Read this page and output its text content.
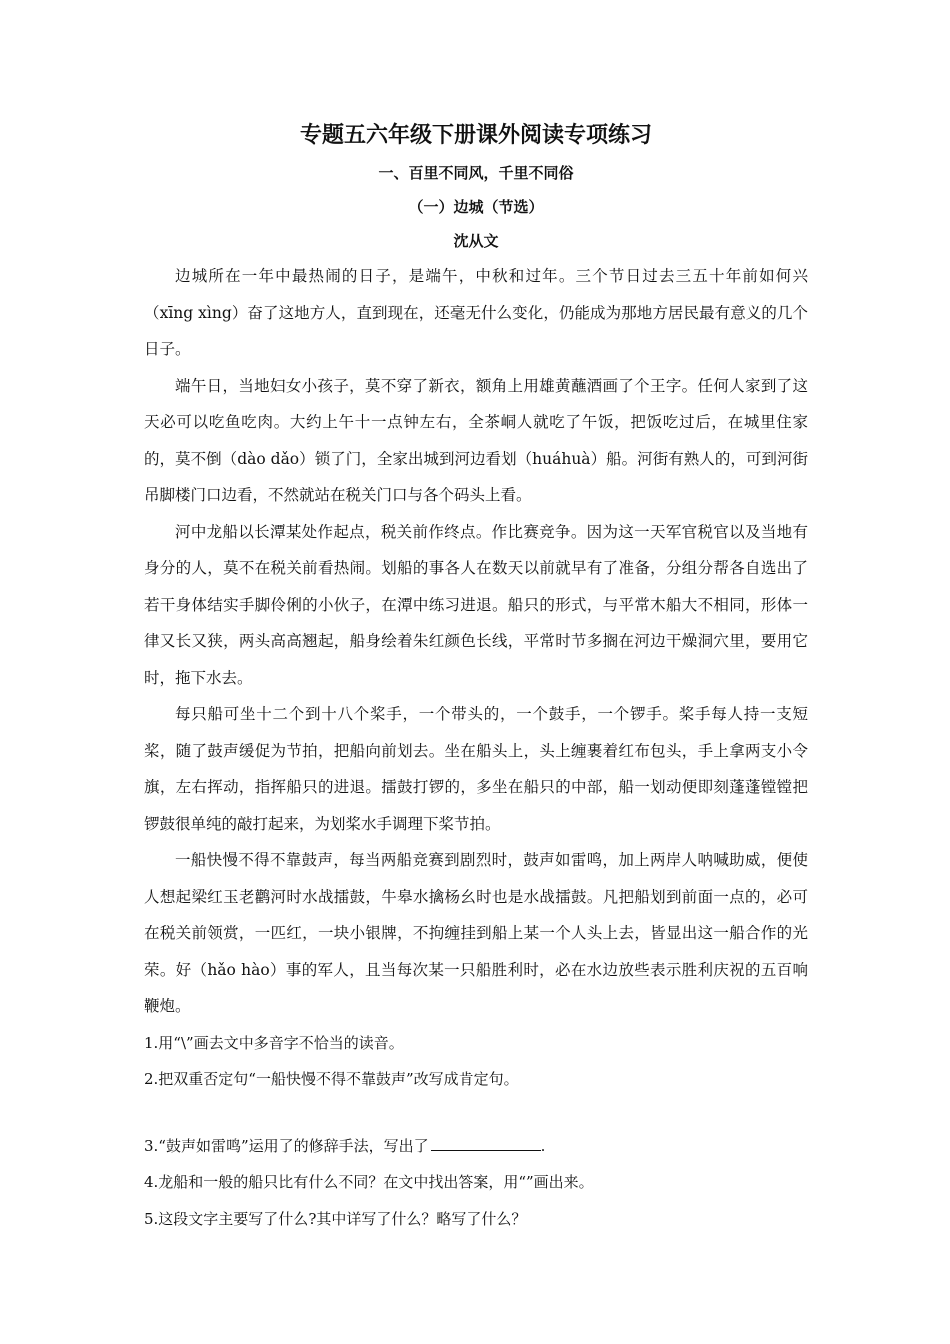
专题五六年级下册课外阅读专项练习
一、百里不同风，千里不同俗
（一）边城（节选）
沈从文

边城所在一年中最热闹的日子，是端午，中秋和过年。三个节日过去三五十年前如何兴（xīng xìng）奋了这地方人，直到现在，还毫无什么变化，仍能成为那地方居民最有意义的几个日子。

端午日，当地妇女小孩子，莫不穿了新衣，额角上用雄黄蘸酒画了个王字。任何人家到了这天必可以吃鱼吃肉。大约上午十一点钟左右，全茶峒人就吃了午饭，把饭吃过后，在城里住家的，莫不倒（dào dǎo）锁了门，全家出城到河边看划（huáhuà）船。河街有熟人的，可到河街吊脚楼门口边看，不然就站在税关门口与各个码头上看。

河中龙船以长潭某处作起点，税关前作终点。作比赛竞争。因为这一天军官税官以及当地有身分的人，莫不在税关前看热闹。划船的事各人在数天以前就早有了准备，分组分帮各自选出了若干身体结实手脚伶俐的小伙子，在潭中练习进退。船只的形式，与平常木船大不相同，形体一律又长又狭，两头高高翘起，船身绘着朱红颜色长线，平常时节多搁在河边干燥洞穴里，要用它时，拖下水去。

每只船可坐十二个到十八个桨手，一个带头的，一个鼓手，一个锣手。桨手每人持一支短桨，随了鼓声缓促为节拍，把船向前划去。坐在船头上，头上缠裹着红布包头，手上拿两支小令旗，左右挥动，指挥船只的进退。擂鼓打锣的，多坐在船只的中部，船一划动便即刻蓬蓬镗镗把锣鼓很单纯的敲打起来，为划桨水手调理下桨节拍。

一船快慢不得不靠鼓声，每当两船竞赛到剧烈时，鼓声如雷鸣，加上两岸人呐喊助威，便使人想起梁红玉老鹳河时水战擂鼓，牛皋水擒杨幺时也是水战擂鼓。凡把船划到前面一点的，必可在税关前领赏，一匹红，一块小银牌，不拘缠挂到船上某一个人头上去，皆显出这一船合作的光荣。好（hǎo hào）事的军人，且当每次某一只船胜利时，必在水边放些表示胜利庆祝的五百响鞭炮。

1.用“\”画去文中多音字不恰当的读音。
2.把双重否定句“一船快慢不得不靠鼓声”改写成肯定句。
3.“鼓声如雷鸣”运用了的修辞手法，写出了	.
4.龙船和一般的船只比有什么不同？在文中找出答案，用“”画出来。
5.这段文字主要写了什么?其中详写了什么？略写了什么？
